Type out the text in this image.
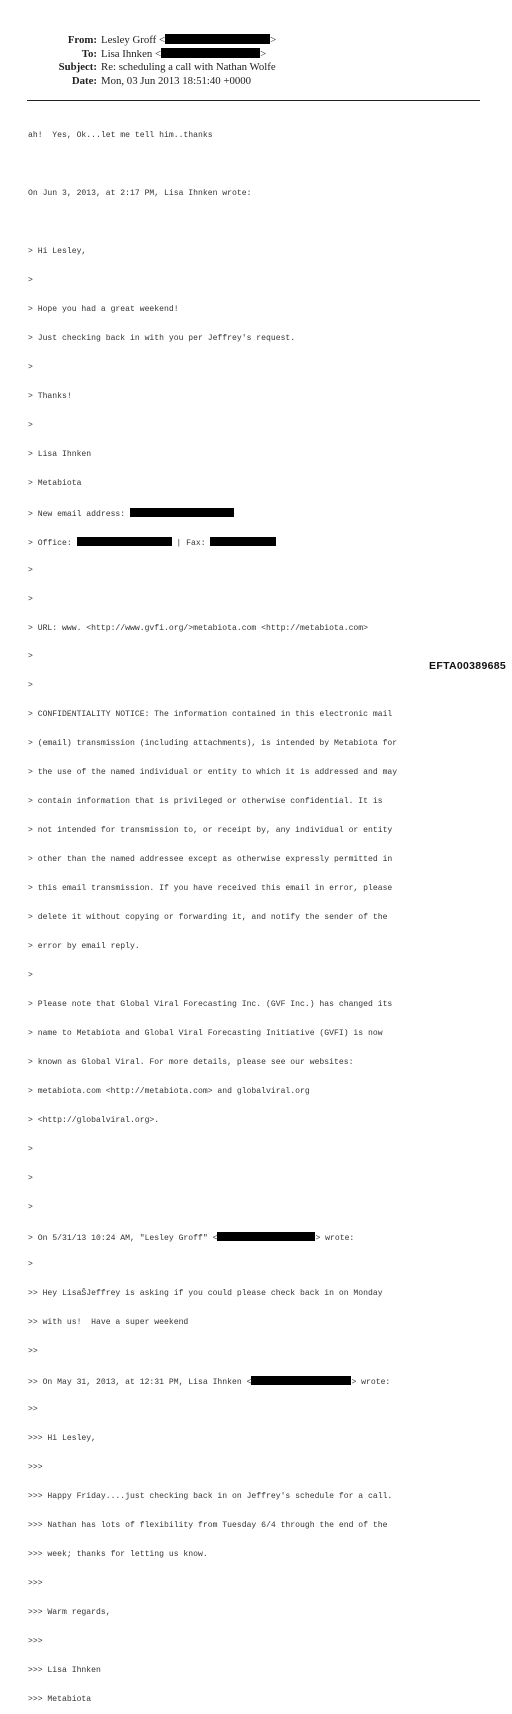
From: Lesley Groff <	>
To: Lisa Ihnken <	>
Subject: Re: scheduling a call with Nathan Wolfe
Date: Mon, 03 Jun 2013 18:51:40 +0000

ah!  Yes, Ok...let me tell him..thanks

On Jun 3, 2013, at 2:17 PM, Lisa Ihnken wrote:

> Hi Lesley,

>

> Hope you had a great weekend!

> Just checking back in with you per Jeffrey's request.

>

> Thanks!

>

> Lisa Ihnken

> Metabiota

> New email address:

> Office:	| Fax:

>

>

> URL: www. <http://www.gvfi.org/>metabiota.com <http://metabiota.com>

>

>

> CONFIDENTIALITY NOTICE: The information contained in this electronic mail

> (email) transmission (including attachments), is intended by Metabiota for

> the use of the named individual or entity to which it is addressed and may

> contain information that is privileged or otherwise confidential. It is

> not intended for transmission to, or receipt by, any individual or entity

> other than the named addressee except as otherwise expressly permitted in

> this email transmission. If you have received this email in error, please

> delete it without copying or forwarding it, and notify the sender of the

> error by email reply.

>

> Please note that Global Viral Forecasting Inc. (GVF Inc.) has changed its

> name to Metabiota and Global Viral Forecasting Initiative (GVFI) is now

> known as Global Viral. For more details, please see our websites:

> metabiota.com <http://metabiota.com> and globalviral.org

> <http://globalviral.org>.

>

>

>

> On 5/31/13 10:24 AM, "Lesley Groff" <	> wrote:

>

>> Hey LisaŠJeffrey is asking if you could please check back in on Monday

>> with us!  Have a super weekend

>>

>> On May 31, 2013, at 12:31 PM, Lisa Ihnken <	> wrote:

>>

>>> Hi Lesley,

>>>

>>> Happy Friday....just checking back in on Jeffrey's schedule for a call.

>>> Nathan has lots of flexibility from Tuesday 6/4 through the end of the

>>> week; thanks for letting us know.

>>>

>>> Warm regards,

>>>

>>> Lisa Ihnken

>>> Metabiota

EFTA00389685
